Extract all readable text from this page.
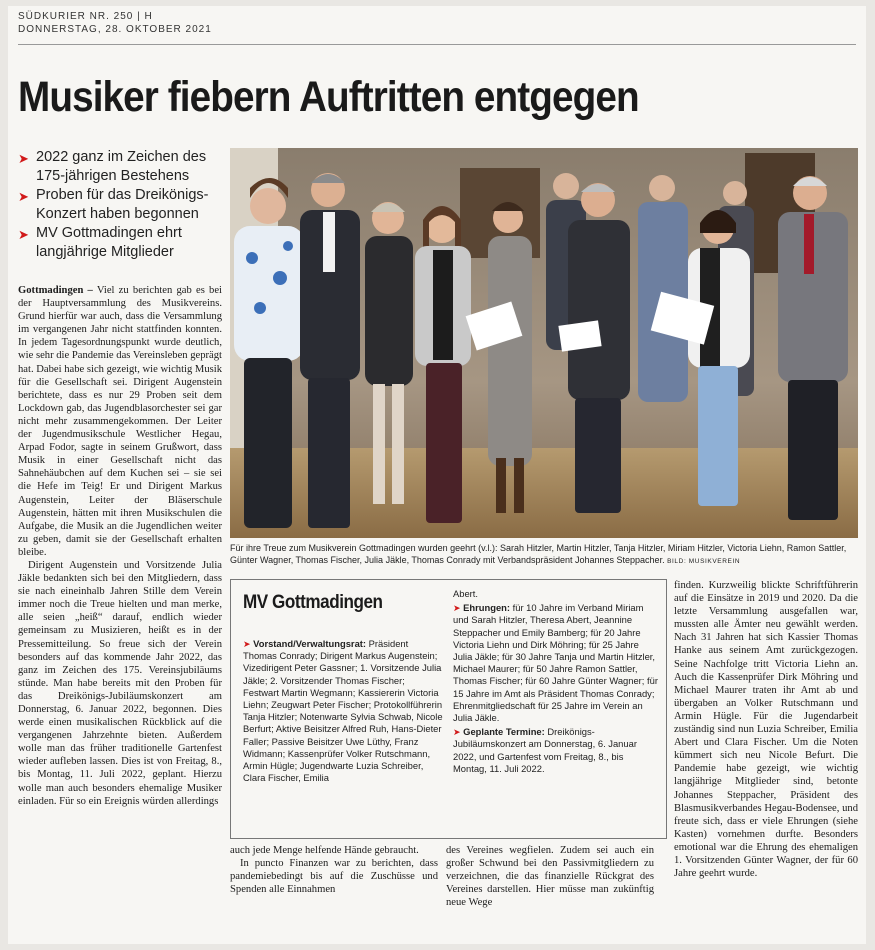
SÜDKURIER NR. 250 | H
DONNERSTAG, 28. OKTOBER 2021
Musiker fiebern Auftritten entgegen
➤ 2022 ganz im Zeichen des 175-jährigen Bestehens
➤ Proben für das Dreikönigs-Konzert haben begonnen
➤ MV Gottmadingen ehrt langjährige Mitglieder

Gottmadingen – Viel zu berichten gab es bei der Hauptversammlung des Musikvereins. Grund hierfür war auch, dass die Versammlung im vergangenen Jahr nicht stattfinden konnten. In jedem Tagesordnungspunkt wurde deutlich, wie sehr die Pandemie das Vereinsleben geprägt hat. Dabei habe sich gezeigt, wie wichtig Musik für die Gesellschaft sei. Dirigent Augenstein berichtete, dass es nur 29 Proben seit dem Lockdown gab, das Jugendblasorchester sei gar nicht mehr zusammengekommen. Der Leiter der Jugendmusikschule Westlicher Hegau, Arpad Fodor, sagte in seinem Grußwort, dass Musik in einer Gesellschaft nicht das Sahnehäubchen auf dem Kuchen sei – sie sei die Hefe im Teig! Er und Dirigent Markus Augenstein, Leiter der Bläserschule Augenstein, hätten mit ihren Musikschulen die Aufgabe, die Musik an die Jugendlichen weiter zu geben, damit sie der Gesellschaft erhalten bleibe.

Dirigent Augenstein und Vorsitzende Julia Jäkle bedankten sich bei den Mitgliedern, dass sie nach eineinhalb Jahren Stille dem Verein immer noch die Treue hielten und man merke, alle seien „heiß“ darauf, endlich wieder gemeinsam zu Musizieren, heißt es in der Pressemitteilung. So freue sich der Verein besonders auf das kommende Jahr 2022, das ganz im Zeichen des 175. Vereinsjubiläums stünde. Man habe bereits mit den Proben für das Dreikönigs-Jubiläumskonzert am Donnerstag, 6. Januar 2022, begonnen. Dies werde einen musikalischen Rückblick auf die vergangenen Jahrzehnte bieten. Außerdem wolle man das früher traditionelle Gartenfest wieder aufleben lassen. Dies ist von Freitag, 8., bis Montag, 11. Juli 2022, geplant. Hierzu wolle man auch besonders ehemalige Musiker einladen. Für so ein Ereignis würden allerdings

Für ihre Treue zum Musikverein Gottmadingen wurden geehrt (v.l.): Sarah Hitzler, Martin Hitzler, Tanja Hitzler, Miriam Hitzler, Victoria Liehn, Ramon Sattler, Günter Wagner, Thomas Fischer, Julia Jäkle, Thomas Conrady mit Verbandspräsident Johannes Steppacher. BILD: MUSIKVEREIN
MV Gottmadingen

➤ Vorstand/Verwaltungsrat: Präsident Thomas Conrady; Dirigent Markus Augenstein; Vizedirigent Peter Gassner; 1. Vorsitzende Julia Jäkle; 2. Vorsitzender Thomas Fischer; Festwart Martin Wegmann; Kassiererin Victoria Liehn; Zeugwart Peter Fischer; Protokollführerin Tanja Hitzler; Notenwarte Sylvia Schwab, Nicole Berfurt; Aktive Beisitzer Alfred Ruh, Hans-Dieter Faller; Passive Beisitzer Uwe Lüthy, Franz Widmann; Kassenprüfer Volker Rutschmann, Armin Hügle; Jugendwarte Luzia Schreiber, Clara Fischer, Emilia

Abert.

➤ Ehrungen: für 10 Jahre im Verband Miriam und Sarah Hitzler, Theresa Abert, Jeannine Steppacher und Emily Bamberg; für 20 Jahre Victoria Liehn und Dirk Möhring; für 25 Jahre Julia Jäkle; für 30 Jahre Tanja und Martin Hitzler, Michael Maurer; für 50 Jahre Ramon Sattler, Thomas Fischer; für 60 Jahre Günter Wagner; für 15 Jahre im Amt als Präsident Thomas Conrady; Ehrenmitgliedschaft für 25 Jahre im Verein an Julia Jäkle.

➤ Geplante Termine: Dreikönigs-Jubiläumskonzert am Donnerstag, 6. Januar 2022, und Gartenfest vom Freitag, 8., bis Montag, 11. Juli 2022.

auch jede Menge helfende Hände gebraucht.

In puncto Finanzen war zu berichten, dass pandemiebedingt bis auf die Zuschüsse und Spenden alle Einnahmen

des Vereines wegfielen. Zudem sei auch ein großer Schwund bei den Passivmitgliedern zu verzeichnen, die das finanzielle Rückgrat des Vereines darstellen. Hier müsse man zukünftig neue Wege

finden. Kurzweilig blickte Schriftführerin auf die Einsätze in 2019 und 2020. Da die letzte Versammlung ausgefallen war, mussten alle Ämter neu gewählt werden. Nach 31 Jahren hat sich Kassier Thomas Hanke aus seinem Amt zurückgezogen. Seine Nachfolge tritt Victoria Liehn an. Auch die Kassenprüfer Dirk Möhring und Michael Maurer traten ihr Amt ab und übergaben an Volker Rutschmann und Armin Hügle. Für die Jugendarbeit zuständig sind nun Luzia Schreiber, Emilia Abert und Clara Fischer. Um die Noten kümmert sich neu Nicole Befurt. Die Pandemie habe gezeigt, wie wichtig langjährige Mitglieder sind, betonte Johannes Steppacher, Präsident des Blasmusikverbandes Hegau-Bodensee, und freute sich, dass er viele Ehrungen (siehe Kasten) vornehmen durfte. Besonders emotional war die Ehrung des ehemaligen 1. Vorsitzenden Günter Wagner, der für 60 Jahre geehrt wurde.
